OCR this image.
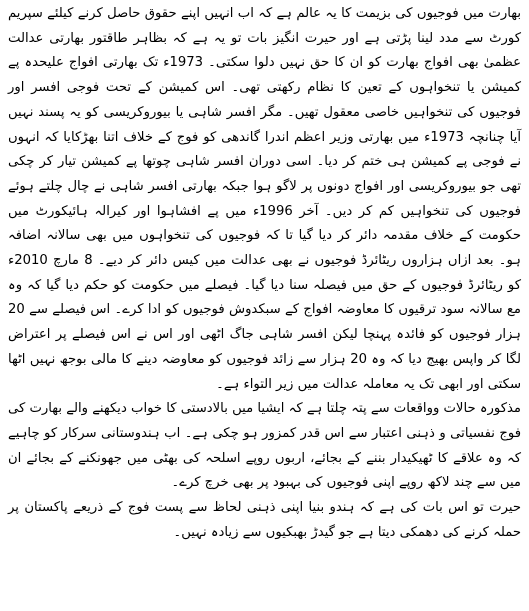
بھارت میں فوجیوں کی بزیمت کا یہ عالم ہے کہ اب انہیں اپنے حقوق حاصل کرنے کیلئے سپریم کورٹ سے مدد لینا پڑتی ہے اور حیرت انگیز بات تو یہ ہے کہ بظاہر طاقتور بھارتی عدالت عظمیٰ بھی افواج بھارت کو ان کا حق نہیں دلوا سکتی۔ 1973ء تک بھارتی افواج علیحدہ پے کمیشن یا تنخواہوں کے تعین کا نظام رکھتی تھی۔ اس کمیشن کے تحت فوجی افسر اور فوجیوں کی تنخواہیں خاصی معقول تھیں۔ مگر افسر شاہی یا بیوروکریسی کو یہ پسند نہیں آیا چنانچہ 1973ء میں بھارتی وزیر اعظم اندرا گاندھی کو فوج کے خلاف اتنا بھڑکایا کہ انہوں نے فوجی پے کمیشن ہی ختم کر دیا۔ اسی دوران افسر شاہی چوتھا پے کمیشن تیار کر چکی تھی جو بیوروکریسی اور افواج دونوں پر لاگو ہوا جبکہ بھارتی افسر شاہی نے چال چلتے ہوئے فوجیوں کی تنخواہیں کم کر دیں۔ آخر 1996ء میں پے افشاہوا اور کیرالہ ہائیکورٹ میں حکومت کے خلاف مقدمہ دائر کر دیا گیا تا کہ فوجیوں کی تنخواہوں میں بھی سالانہ اضافہ ہو۔ بعد ازاں ہزاروں ریٹائرڈ فوجیوں نے بھی عدالت میں کیس دائر کر دیے۔ 8 مارچ 2010ء کو ریٹائرڈ فوجیوں کے حق میں فیصلہ سنا دیا گیا۔ فیصلے میں حکومت کو حکم دیا گیا کہ وہ مع سالانہ سود ترقیوں کا معاوضہ افواج کے سبکدوش فوجیوں کو ادا کرے۔ اس فیصلے سے 20 ہزار فوجیوں کو فائدہ پہنچا لیکن افسر شاہی جاگ اٹھی اور اس نے اس فیصلے پر اعتراض لگا کر واپس بھیج دیا کہ وہ 20 ہزار سے زائد فوجیوں کو معاوضہ دینے کا مالی بوجھ نہیں اٹھا سکتی اور ابھی تک یہ معاملہ عدالت میں زیر التواء ہے۔

مذکورہ حالات وواقعات سے پتہ چلتا ہے کہ ایشیا میں بالادستی کا خواب دیکھنے والے بھارت کی فوج نفسیاتی و ذہنی اعتبار سے اس قدر کمزور ہو چکی ہے۔ اب ہندوستانی سرکار کو چاہیے کہ وہ علاقے کا ٹھیکیدار بننے کے بجائے، اربوں روپے اسلحہ کی بھٹی میں جھونکنے کے بجائے ان میں سے چند لاکھ روپے اپنی فوجیوں کی بہبود پر بھی خرچ کرے۔

حیرت تو اس بات کی ہے کہ ہندو بنیا اپنی ذہنی لحاظ سے پست فوج کے ذریعے پاکستان پر حملہ کرنے کی دھمکی دیتا ہے جو گیدڑ بھبکیوں سے زیادہ نہیں۔
